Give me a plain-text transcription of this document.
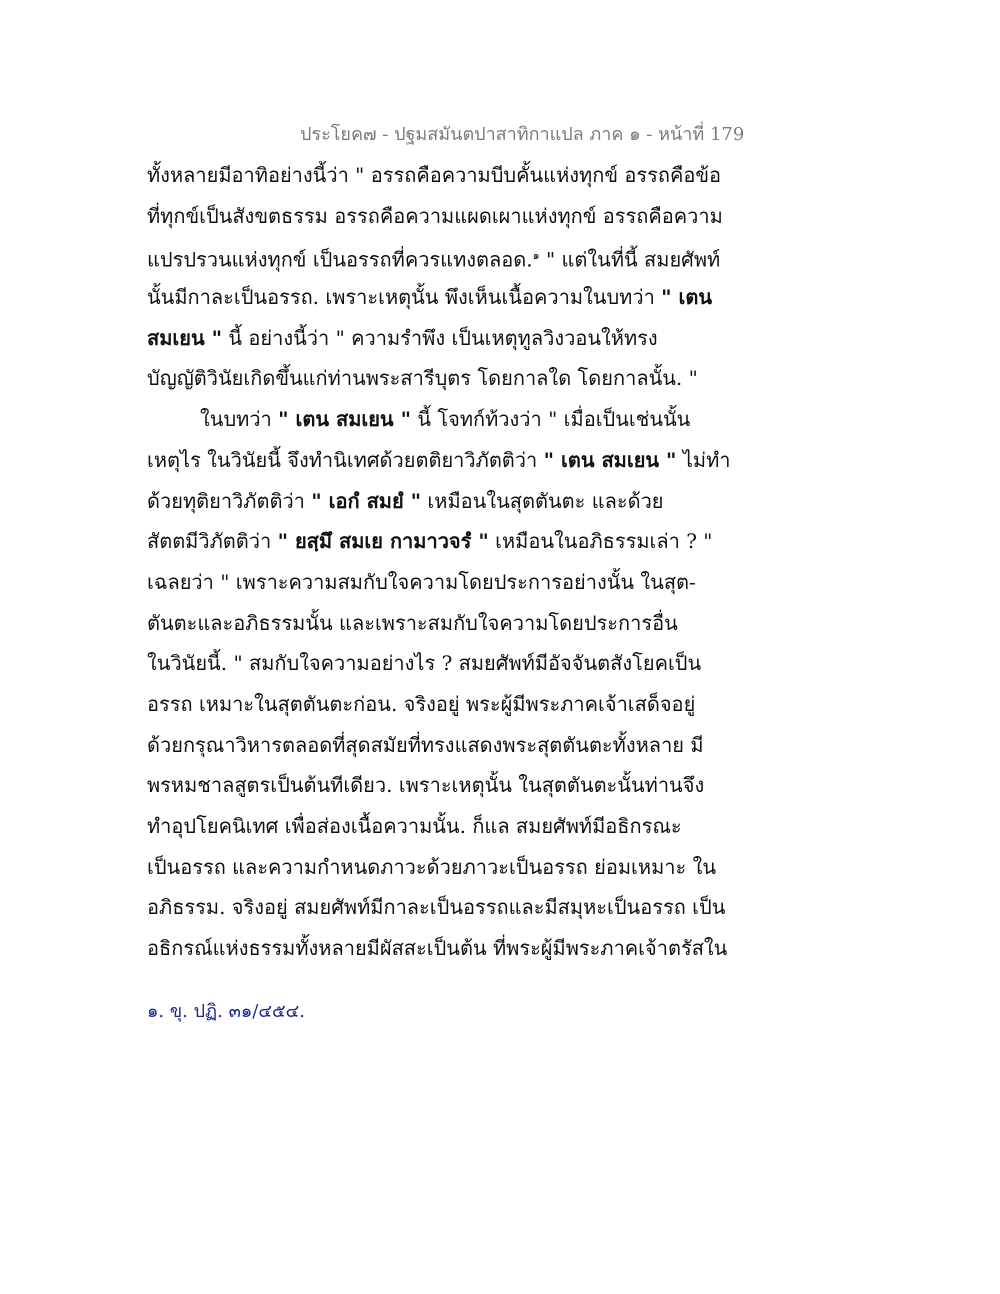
ประโยค๗ - ปฐมสมันตปาสาทิกาแปล ภาค ๑ - หน้าที่ 179
ทั้งหลายมีอาทิอย่างนี้ว่า " อรรถคือความบีบคั้นแห่งทุกข์ อรรถคือข้อ
ที่ทุกข์เป็นสังขตธรรม อรรถคือความแผดเผาแห่งทุกข์ อรรถคือความ
แปรปรวนแห่งทุกข์ เป็นอรรถที่ควรแทงตลอด.$^๑$ " แต่ในที่นี้ สมยศัพท์
นั้นมีกาละเป็นอรรถ. เพราะเหตุนั้น พึงเห็นเนื้อความในบทว่า " เตน
สมเยน " นี้ อย่างนี้ว่า " ความรำพึง เป็นเหตุทูลวิงวอนให้ทรง
บัญญัติวินัยเกิดขึ้นแก่ท่านพระสารีบุตร โดยกาลใด โดยกาลนั้น. "
ในบทว่า " เตน สมเยน " นี้ โจทก์ท้วงว่า " เมื่อเป็นเช่นนั้น
เหตุไร ในวินัยนี้ จึงทำนิเทศด้วยตติยาวิภัตติว่า " เตน สมเยน " ไม่ทำ
ด้วยทุติยาวิภัตติว่า " เอกํ สมยํ " เหมือนในสุตตันตะ และด้วย
สัตตมีวิภัตติว่า " ยสฺมึ สมเย กามาวจรํ " เหมือนในอภิธรรมเล่า ? "
เฉลยว่า " เพราะความสมกับใจความโดยประการอย่างนั้น ในสุต-
ตันตะและอภิธรรมนั้น และเพราะสมกับใจความโดยประการอื่น
ในวินัยนี้. " สมกับใจความอย่างไร ? สมยศัพท์มีอัจจันตสังโยคเป็น
อรรถ เหมาะในสุตตันตะก่อน. จริงอยู่ พระผู้มีพระภาคเจ้าเสด็จอยู่
ด้วยกรุณาวิหารตลอดที่สุดสมัยที่ทรงแสดงพระสุตตันตะทั้งหลาย มี
พรหมชาลสูตรเป็นต้นทีเดียว. เพราะเหตุนั้น ในสุตตันตะนั้นท่านจึง
ทำอุปโยคนิเทศ เพื่อส่องเนื้อความนั้น. ก็แล สมยศัพท์มีอธิกรณะ
เป็นอรรถ และความกำหนดภาวะด้วยภาวะเป็นอรรถ ย่อมเหมาะ ใน
อภิธรรม. จริงอยู่ สมยศัพท์มีกาละเป็นอรรถและมีสมุหะเป็นอรรถ เป็น
อธิกรณ์แห่งธรรมทั้งหลายมีผัสสะเป็นต้น ที่พระผู้มีพระภาคเจ้าตรัสใน
๑. ขุ. ปฏิ. ๓๑/๔๕๔.
